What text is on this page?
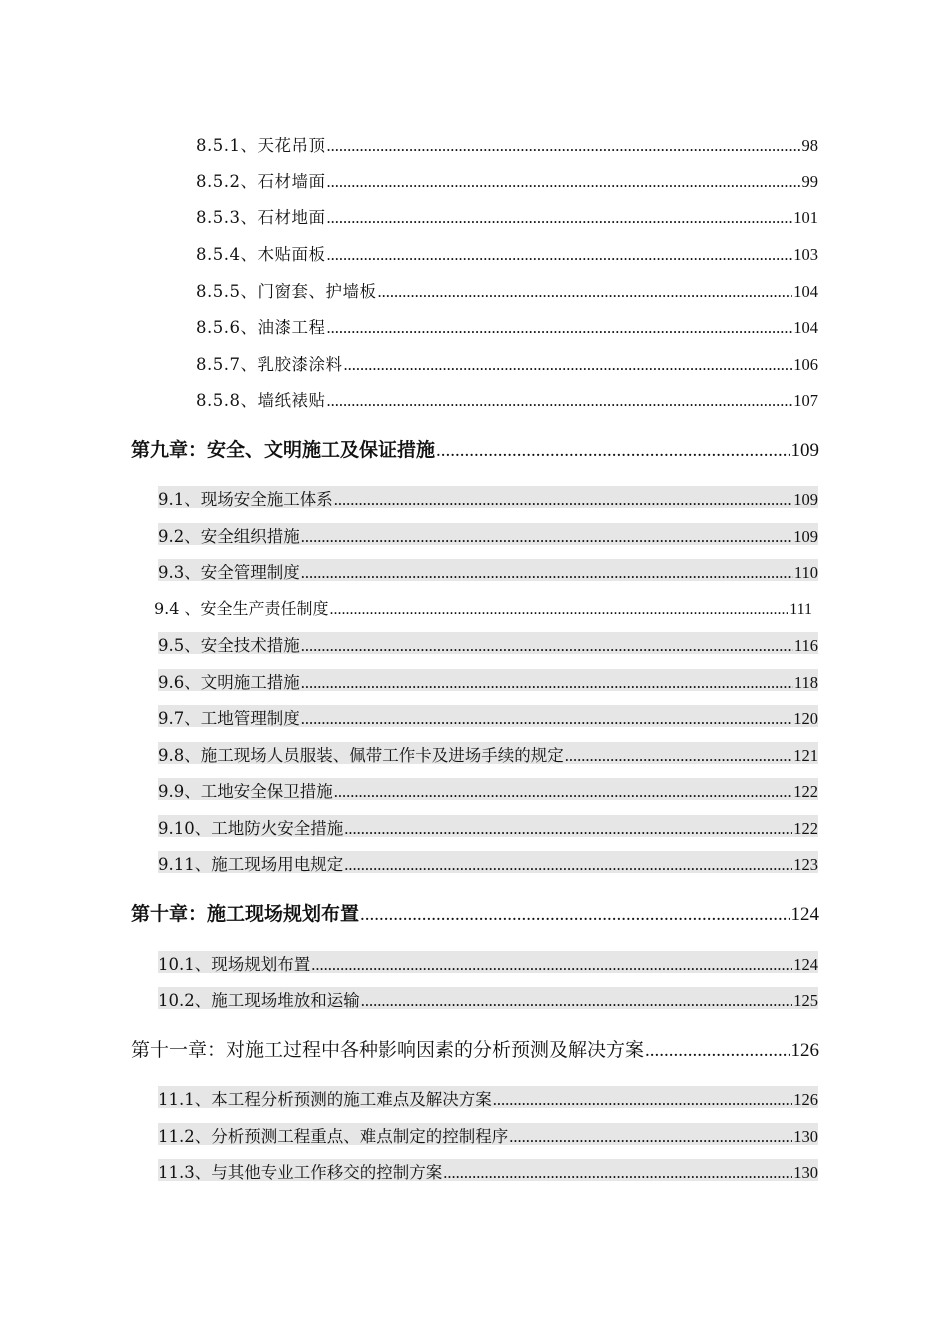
8.5.1、天花吊顶 .....	98
8.5.2、石材墙面 .....	99
8.5.3、石材地面 .....	101
8.5.4、木贴面板 .....	103
8.5.5、门窗套、护墙板 .....	104
8.5.6、油漆工程 .....	104
8.5.7、乳胶漆涂料 .....	106
8.5.8、墙纸裱贴 .....	107
第九章：安全、文明施工及保证措施 .....	109
9.1、现场安全施工体系 .....	109
9.2、安全组织措施 .....	109
9.3、安全管理制度 .....	110
9.4 、安全生产责任制度 .....	111
9.5、安全技术措施 .....	116
9.6、文明施工措施 .....	118
9.7、工地管理制度 .....	120
9.8、施工现场人员服装、佩带工作卡及进场手续的规定 .....	121
9.9、工地安全保卫措施 .....	122
9.10、工地防火安全措施 .....	122
9.11、施工现场用电规定 .....	123
第十章：施工现场规划布置 .....	124
10.1、现场规划布置 .....	124
10.2、施工现场堆放和运输 .....	125
第十一章：对施工过程中各种影响因素的分析预测及解决方案 .....	126
11.1、本工程分析预测的施工难点及解决方案 .....	126
11.2、分析预测工程重点、难点制定的控制程序 .....	130
11.3、与其他专业工作移交的控制方案 .....	130
